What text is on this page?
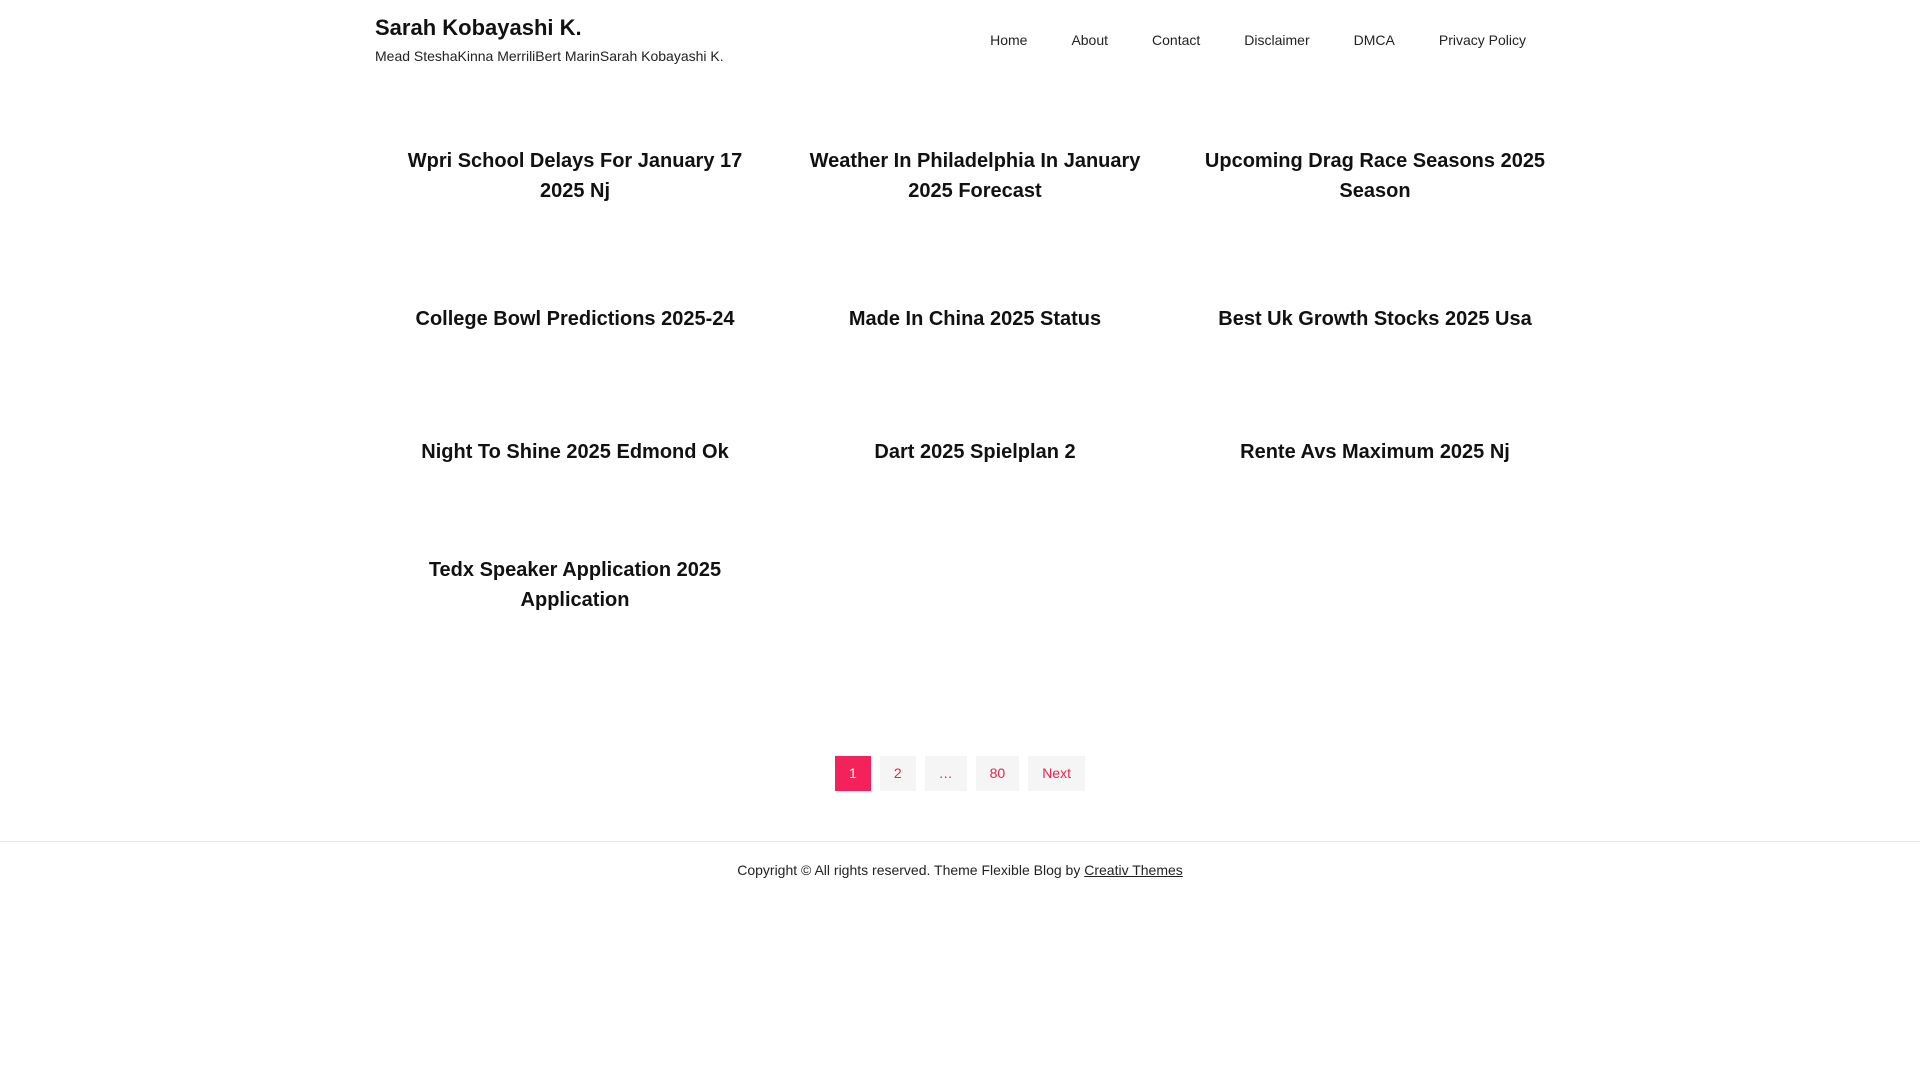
Sarah Kobayashi K.
Mead SteshaKinna MerriliBert MarinSarah Kobayashi K.
Home	About	Contact	Disclaimer	DMCA	Privacy Policy
Wpri School Delays For January 17 2025 Nj
Weather In Philadelphia In January 2025 Forecast
Upcoming Drag Race Seasons 2025 Season
College Bowl Predictions 2025-24	Made In China 2025 Status	Best Uk Growth Stocks 2025 Usa
Night To Shine 2025 Edmond Ok	Dart 2025 Spielplan 2	Rente Avs Maximum 2025 Nj
Tedx Speaker Application 2025 Application
1	2	…	80	Next
Copyright © All rights reserved. Theme Flexible Blog by Creativ Themes
